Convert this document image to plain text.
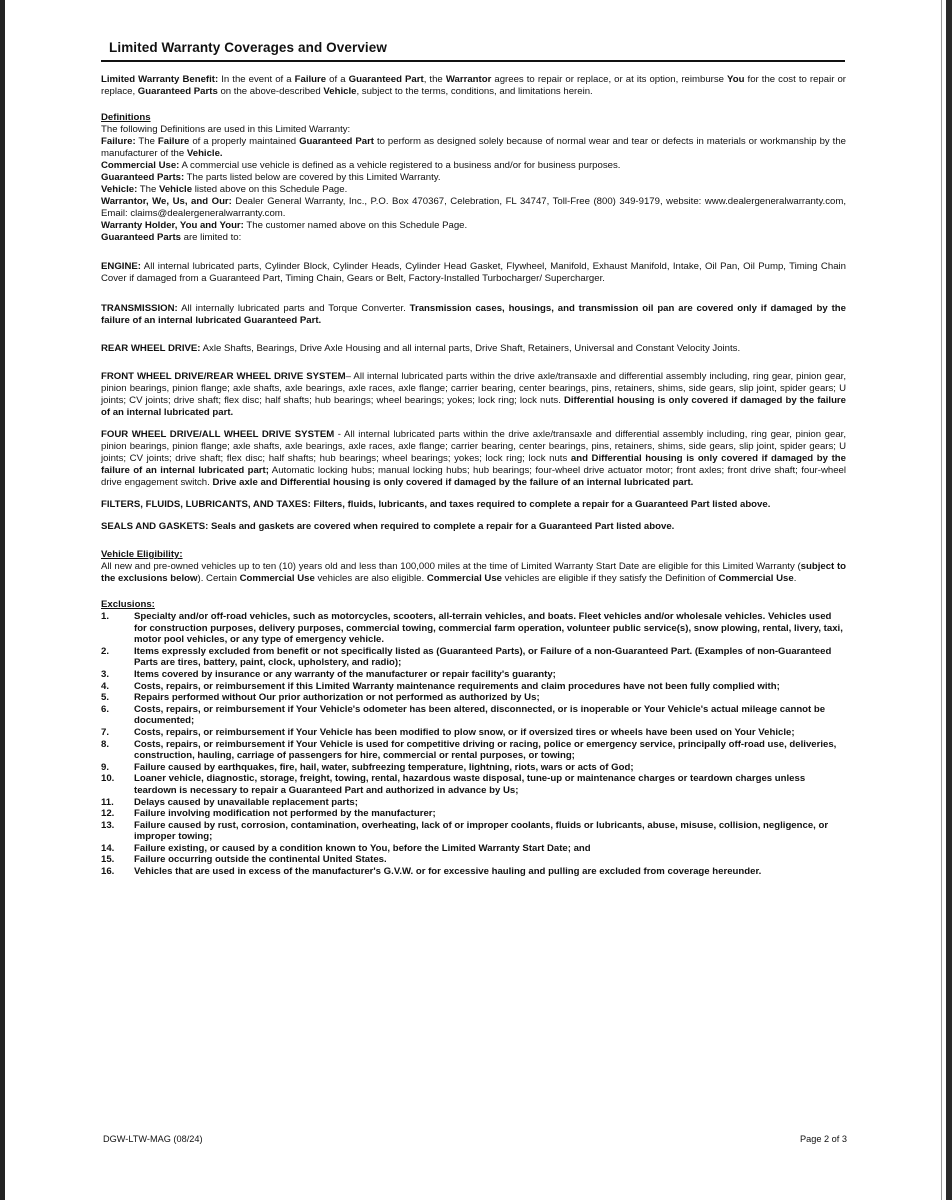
Limited Warranty Coverages and Overview

Limited Warranty Benefit: In the event of a Failure of a Guaranteed Part, the Warrantor agrees to repair or replace, or at its option, reimburse You for the cost to repair or replace, Guaranteed Parts on the above-described Vehicle, subject to the terms, conditions, and limitations herein.

Definitions
The following Definitions are used in this Limited Warranty:
Failure: The Failure of a properly maintained Guaranteed Part to perform as designed solely because of normal wear and tear or defects in materials or workmanship by the manufacturer of the Vehicle.
Commercial Use: A commercial use vehicle is defined as a vehicle registered to a business and/or for business purposes.
Guaranteed Parts: The parts listed below are covered by this Limited Warranty.
Vehicle: The Vehicle listed above on this Schedule Page.
Warrantor, We, Us, and Our: Dealer General Warranty, Inc., P.O. Box 470367, Celebration, FL 34747, Toll-Free (800) 349-9179, website: www.dealergeneralwarranty.com, Email: claims@dealergeneralwarranty.com.
Warranty Holder, You and Your: The customer named above on this Schedule Page.
Guaranteed Parts are limited to:

ENGINE: All internal lubricated parts, Cylinder Block, Cylinder Heads, Cylinder Head Gasket, Flywheel, Manifold, Exhaust Manifold, Intake, Oil Pan, Oil Pump, Timing Chain Cover if damaged from a Guaranteed Part, Timing Chain, Gears or Belt, Factory-Installed Turbocharger/ Supercharger.

TRANSMISSION: All internally lubricated parts and Torque Converter. Transmission cases, housings, and transmission oil pan are covered only if damaged by the failure of an internal lubricated Guaranteed Part.

REAR WHEEL DRIVE: Axle Shafts, Bearings, Drive Axle Housing and all internal parts, Drive Shaft, Retainers, Universal and Constant Velocity Joints.

FRONT WHEEL DRIVE/REAR WHEEL DRIVE SYSTEM– All internal lubricated parts within the drive axle/transaxle and differential assembly including, ring gear, pinion gear, pinion bearings, pinion flange; axle shafts, axle bearings, axle races, axle flange; carrier bearing, center bearings, pins, retainers, shims, side gears, slip joint, spider gears; U joints; CV joints; drive shaft; flex disc; half shafts; hub bearings; wheel bearings; yokes; lock ring; lock nuts. Differential housing is only covered if damaged by the failure of an internal lubricated part.

FOUR WHEEL DRIVE/ALL WHEEL DRIVE SYSTEM - All internal lubricated parts within the drive axle/transaxle and differential assembly including, ring gear, pinion gear, pinion bearings, pinion flange; axle shafts, axle bearings, axle races, axle flange; carrier bearing, center bearings, pins, retainers, shims, side gears, slip joint, spider gears; U joints; CV joints; drive shaft; flex disc; half shafts; hub bearings; wheel bearings; yokes; lock ring; lock nuts and Differential housing is only covered if damaged by the failure of an internal lubricated part; Automatic locking hubs; manual locking hubs; hub bearings; four-wheel drive actuator motor; front axles; front drive shaft; four-wheel drive engagement switch. Drive axle and Differential housing is only covered if damaged by the failure of an internal lubricated part.

FILTERS, FLUIDS, LUBRICANTS, AND TAXES: Filters, fluids, lubricants, and taxes required to complete a repair for a Guaranteed Part listed above.

SEALS AND GASKETS: Seals and gaskets are covered when required to complete a repair for a Guaranteed Part listed above.

Vehicle Eligibility:
All new and pre-owned vehicles up to ten (10) years old and less than 100,000 miles at the time of Limited Warranty Start Date are eligible for this Limited Warranty (subject to the exclusions below). Certain Commercial Use vehicles are also eligible. Commercial Use vehicles are eligible if they satisfy the Definition of Commercial Use.
Exclusions:
1.	Specialty and/or off-road vehicles, such as motorcycles, scooters, all-terrain vehicles, and boats. Fleet vehicles and/or wholesale vehicles. Vehicles used for construction purposes, delivery purposes, commercial towing, commercial farm operation, volunteer public service(s), snow plowing, rental, livery, taxi, motor pool vehicles, or any type of emergency vehicle.
2.	Items expressly excluded from benefit or not specifically listed as (Guaranteed Parts), or Failure of a non-Guaranteed Part. (Examples of non-Guaranteed Parts are tires, battery, paint, clock, upholstery, and radio);
3.	Items covered by insurance or any warranty of the manufacturer or repair facility's guaranty;
4.	Costs, repairs, or reimbursement if this Limited Warranty maintenance requirements and claim procedures have not been fully complied with;
5.	Repairs performed without Our prior authorization or not performed as authorized by Us;
6.	Costs, repairs, or reimbursement if Your Vehicle's odometer has been altered, disconnected, or is inoperable or Your Vehicle's actual mileage cannot be documented;
7.	Costs, repairs, or reimbursement if Your Vehicle has been modified to plow snow, or if oversized tires or wheels have been used on Your Vehicle;
8.	Costs, repairs, or reimbursement if Your Vehicle is used for competitive driving or racing, police or emergency service, principally off-road use, deliveries, construction, hauling, carriage of passengers for hire, commercial or rental purposes, or towing;
9.	Failure caused by earthquakes, fire, hail, water, subfreezing temperature, lightning, riots, wars or acts of God;
10.	Loaner vehicle, diagnostic, storage, freight, towing, rental, hazardous waste disposal, tune-up or maintenance charges or teardown charges unless teardown is necessary to repair a Guaranteed Part and authorized in advance by Us;
11.	Delays caused by unavailable replacement parts;
12.	Failure involving modification not performed by the manufacturer;
13.	Failure caused by rust, corrosion, contamination, overheating, lack of or improper coolants, fluids or lubricants, abuse, misuse, collision, negligence, or improper towing;
14.	Failure existing, or caused by a condition known to You, before the Limited Warranty Start Date; and
15.	Failure occurring outside the continental United States.
16.	Vehicles that are used in excess of the manufacturer's G.V.W. or for excessive hauling and pulling are excluded from coverage hereunder.
DGW-LTW-MAG (08/24)	Page 2 of 3
